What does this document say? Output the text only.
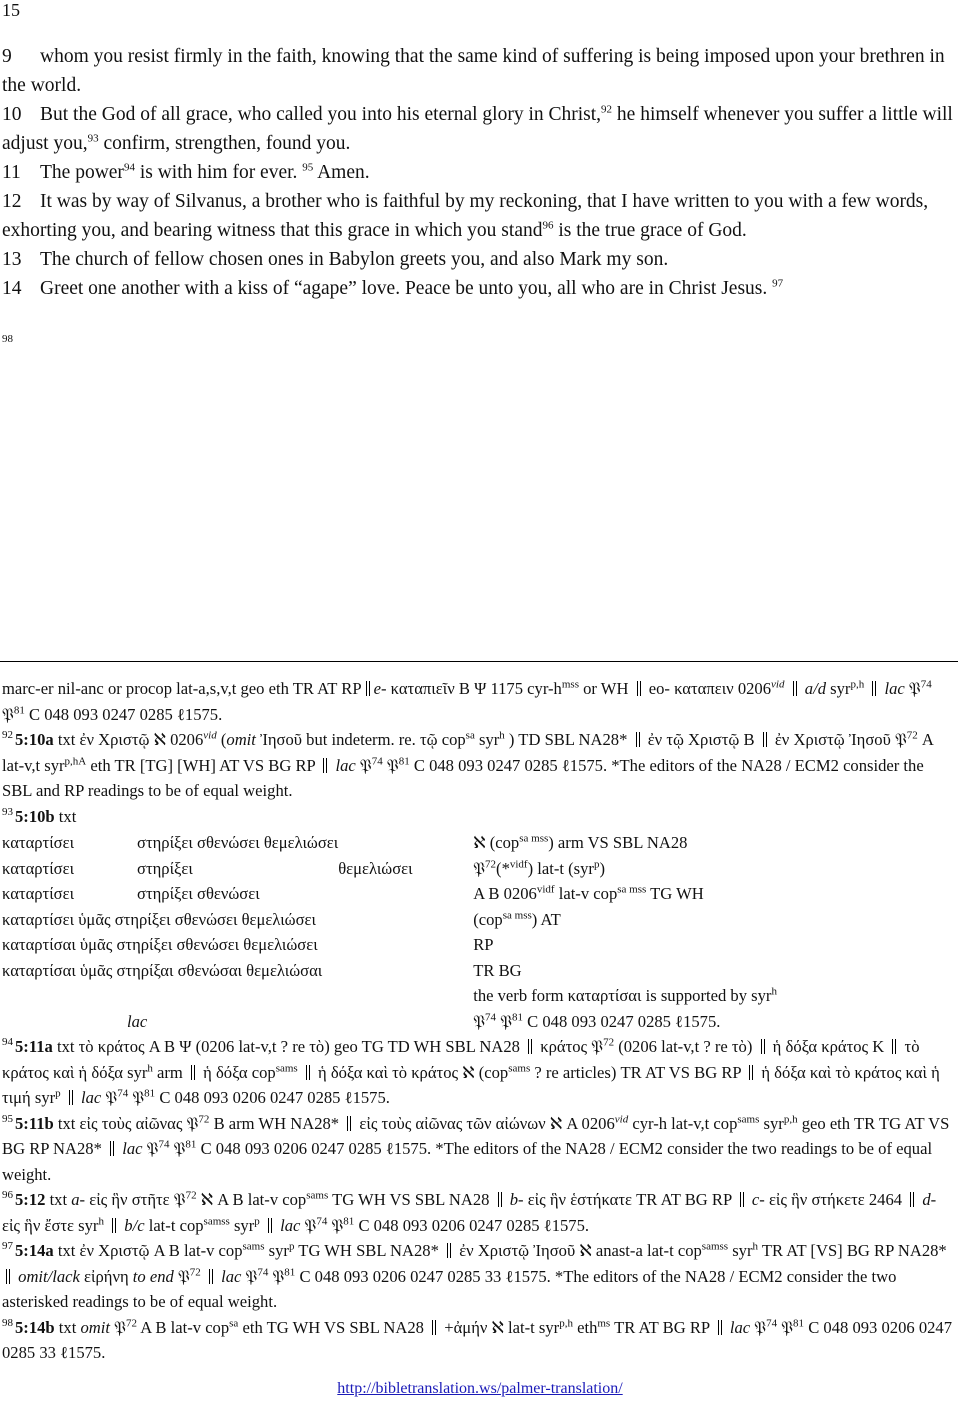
15

9 whom you resist firmly in the faith, knowing that the same kind of suffering is being imposed upon your brethren in the world.

10 But the God of all grace, who called you into his eternal glory in Christ,$^{92}$ he himself whenever you suffer a little will adjust you,$^{93}$ confirm, strengthen, found you.

11 The power$^{94}$ is with him for ever. $^{95}$ Amen.

12 It was by way of Silvanus, a brother who is faithful by my reckoning, that I have written to you with a few words, exhorting you, and bearing witness that this grace in which you stand$^{96}$ is the true grace of God.

13 The church of fellow chosen ones in Babylon greets you, and also Mark my son.

14 Greet one another with a kiss of “agape” love. Peace be unto you, all who are in Christ Jesus. $^{97}$

98

marc-er nil-anc or procop lat-a,s,v,t geo eth TR AT RP e- καταπιεῖν B Ψ 1175 cyr-$h^{mss}$ or WH  eo- καταπειν $0206^{vid}$ a/d syr$^{p,h}$ lac 𝔓$^{74}$ 𝔓$^{81}$ C 048 093 0247 0285 ℓ1575.

$^{92}$ 5:10a txt ἐν Χριστῷ ℵ $0206^{vid}$ (omit Ἰησοῦ but indeterm. re. τῷ cop$^{sa}$ syr$^h$ ) TD SBL NA28*  ἐν τῷ Χριστῷ B  ἐν Χριστῷ Ἰησοῦ 𝔓$^{72}$ A lat-v,t syr$^{p,hA}$ eth TR [TG] [WH] AT VS BG RP  lac 𝔓$^{74}$ 𝔓$^{81}$ C 048 093 0247 0285 ℓ1575. *The editors of the NA28 / ECM2 consider the SBL and RP readings to be of equal weight.

$^{93}$ 5:10b txt

καταρτίσει	στηρίξει σθενώσει θεμελιώσει		ℵ (cop$^{sa mss}$) arm VS SBL NA28
καταρτίσει	στηρίξει	θεμελιώσει	𝔓$^{72}$(*$^{vidf}$) lat-t (syr$^p$)
καταρτίσει	στηρίξει σθενώσει		A B $0206^{vidf}$ lat-v cop$^{sa mss}$ TG WH
καταρτίσει ὑμᾶς στηρίξει σθενώσει θεμελιώσει			(cop$^{sa mss}$) AT
καταρτίσαι ὑμᾶς στηρίξει σθενώσει θεμελιώσει			RP
καταρτίσαι ὑμᾶς στηρίξαι σθενώσαι θεμελιώσαι			TR BG
			the verb form καταρτίσαι is supported by syr$^h$
lac			𝔓$^{74}$ 𝔓$^{81}$ C 048 093 0247 0285 ℓ1575.

$^{94}$ 5:11a txt τὸ κράτος A B Ψ (0206 lat-v,t ? re τὸ) geo TG TD WH SBL NA28  κράτος 𝔓$^{72}$ (0206 lat-v,t ? re τὸ)  ἡ δόξα κράτος K  τὸ κράτος καὶ ἡ δόξα syr$^h$ arm  ἡ δόξα cop$^{sams}$  ἡ δόξα καὶ τὸ κράτος ℵ (cop$^{sams}$ ? re articles) TR AT VS BG RP  ἡ δόξα καὶ τὸ κράτος καὶ ἡ τιμή syr$^p$ lac 𝔓$^{74}$ 𝔓$^{81}$ C 048 093 0206 0247 0285 ℓ1575.

$^{95}$ 5:11b txt εἰς τοὺς αἰῶνας 𝔓$^{72}$ B arm WH NA28*  εἰς τοὺς αἰῶνας τῶν αἰώνων ℵ A $0206^{vid}$ cyr-h lat-v,t cop$^{sams}$ syr$^{p,h}$ geo eth TR TG AT VS BG RP NA28*  lac 𝔓$^{74}$ 𝔓$^{81}$ C 048 093 0206 0247 0285 ℓ1575. *The editors of the NA28 / ECM2 consider the two readings to be of equal weight.

$^{96}$ 5:12 txt a- εἰς ἣν στῆτε 𝔓$^{72}$ ℵ A B lat-v cop$^{sams}$ TG WH VS SBL NA28  b- εἰς ἣν ἑστήκατε TR AT BG RP  c- εἰς ἣν στήκετε 2464  d- εἰς ἣν ἔστε syr$^h$ b/c lat-t cop$^{samss}$ syr$^p$ lac 𝔓$^{74}$ 𝔓$^{81}$ C 048 093 0206 0247 0285 ℓ1575.

$^{97}$ 5:14a txt ἐν Χριστῷ A B lat-v cop$^{sams}$ syr$^p$ TG WH SBL NA28*  ἐν Χριστῷ Ἰησοῦ ℵ anast-a lat-t cop$^{samss}$ syr$^h$ TR AT [VS] BG RP NA28*  omit/lack εἰρήνη to end 𝔓$^{72}$ lac 𝔓$^{74}$ 𝔓$^{81}$ C 048 093 0206 0247 0285 33 ℓ1575. *The editors of the NA28 / ECM2 consider the two asterisked readings to be of equal weight.

$^{98}$ 5:14b txt omit 𝔓$^{72}$ A B lat-v cop$^{sa}$ eth TG WH VS SBL NA28  +ἀμήν ℵ lat-t syr$^{p,h}$ eth$^{ms}$ TR AT BG RP  lac 𝔓$^{74}$ 𝔓$^{81}$ C 048 093 0206 0247 0285 33 ℓ1575.

http://bibletranslation.ws/palmer-translation/
